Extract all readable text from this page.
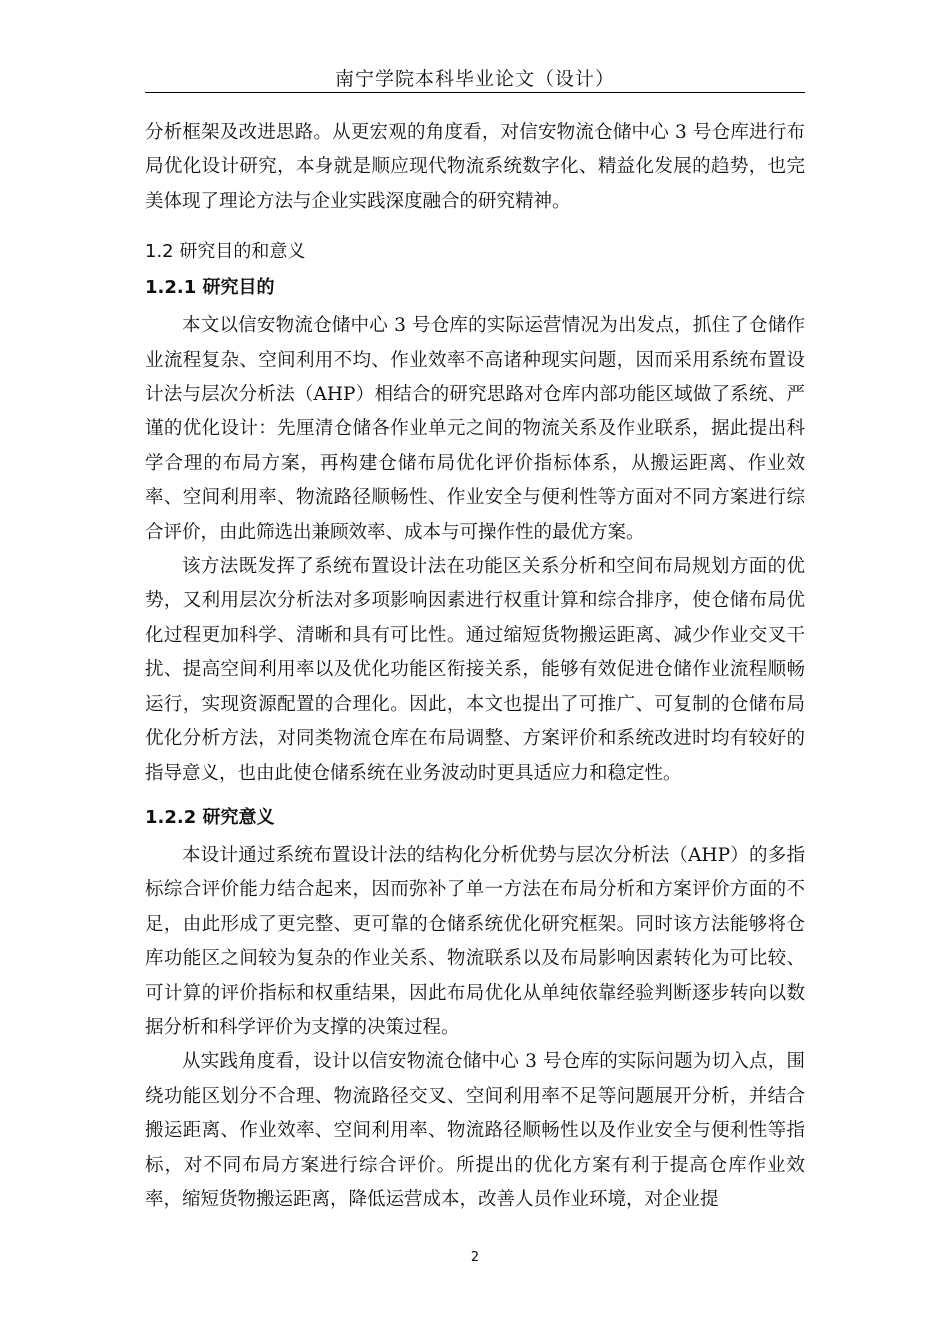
南宁学院本科毕业论文（设计）

分析框架及改进思路。从更宏观的角度看，对信安物流仓储中心 3 号仓库进行布局优化设计研究，本身就是顺应现代物流系统数字化、精益化发展的趋势，也完美体现了理论方法与企业实践深度融合的研究精神。

1.2 研究目的和意义

1.2.1 研究目的

本文以信安物流仓储中心 3 号仓库的实际运营情况为出发点，抓住了仓储作业流程复杂、空间利用不均、作业效率不高诸种现实问题，因而采用系统布置设计法与层次分析法（AHP）相结合的研究思路对仓库内部功能区域做了系统、严谨的优化设计：先厘清仓储各作业单元之间的物流关系及作业联系，据此提出科学合理的布局方案，再构建仓储布局优化评价指标体系，从搬运距离、作业效率、空间利用率、物流路径顺畅性、作业安全与便利性等方面对不同方案进行综合评价，由此筛选出兼顾效率、成本与可操作性的最优方案。

该方法既发挥了系统布置设计法在功能区关系分析和空间布局规划方面的优势，又利用层次分析法对多项影响因素进行权重计算和综合排序，使仓储布局优化过程更加科学、清晰和具有可比性。通过缩短货物搬运距离、减少作业交叉干扰、提高空间利用率以及优化功能区衔接关系，能够有效促进仓储作业流程顺畅运行，实现资源配置的合理化。因此，本文也提出了可推广、可复制的仓储布局优化分析方法，对同类物流仓库在布局调整、方案评价和系统改进时均有较好的指导意义，也由此使仓储系统在业务波动时更具适应力和稳定性。

1.2.2 研究意义

本设计通过系统布置设计法的结构化分析优势与层次分析法（AHP）的多指标综合评价能力结合起来，因而弥补了单一方法在布局分析和方案评价方面的不足，由此形成了更完整、更可靠的仓储系统优化研究框架。同时该方法能够将仓库功能区之间较为复杂的作业关系、物流联系以及布局影响因素转化为可比较、可计算的评价指标和权重结果，因此布局优化从单纯依靠经验判断逐步转向以数据分析和科学评价为支撑的决策过程。

从实践角度看，设计以信安物流仓储中心 3 号仓库的实际问题为切入点，围绕功能区划分不合理、物流路径交叉、空间利用率不足等问题展开分析，并结合搬运距离、作业效率、空间利用率、物流路径顺畅性以及作业安全与便利性等指标，对不同布局方案进行综合评价。所提出的优化方案有利于提高仓库作业效率，缩短货物搬运距离，降低运营成本，改善人员作业环境，对企业提

2
